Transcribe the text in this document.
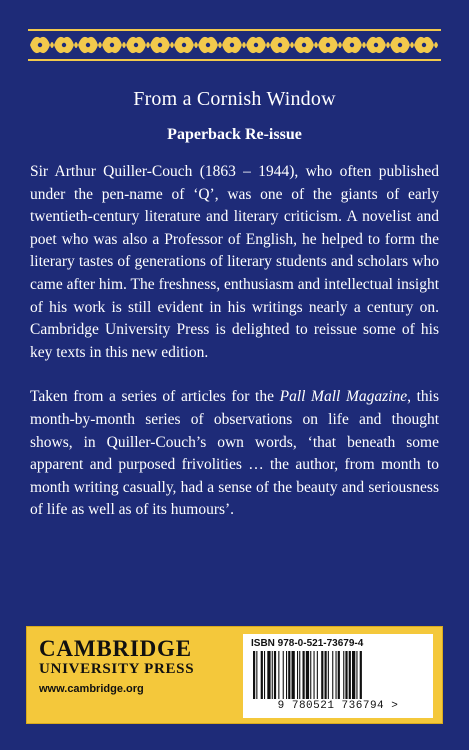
From a Cornish Window
Paperback Re-issue

Sir Arthur Quiller-Couch (1863 – 1944), who often published under the pen-name of ‘Q’, was one of the giants of early twentieth-century literature and literary criticism. A novelist and poet who was also a Professor of English, he helped to form the literary tastes of generations of literary students and scholars who came after him. The freshness, enthusiasm and intellectual insight of his work is still evident in his writings nearly a century on. Cambridge University Press is delighted to reissue some of his key texts in this new edition.

Taken from a series of articles for the Pall Mall Magazine, this month-by-month series of observations on life and thought shows, in Quiller-Couch’s own words, ‘that beneath some apparent and purposed frivolities … the author, from month to month writing casually, had a sense of the beauty and seriousness of life as well as of its humours’.

CAMBRIDGE
UNIVERSITY PRESS
www.cambridge.org
ISBN 978-0-521-73679-4
9 780521 736794 >
